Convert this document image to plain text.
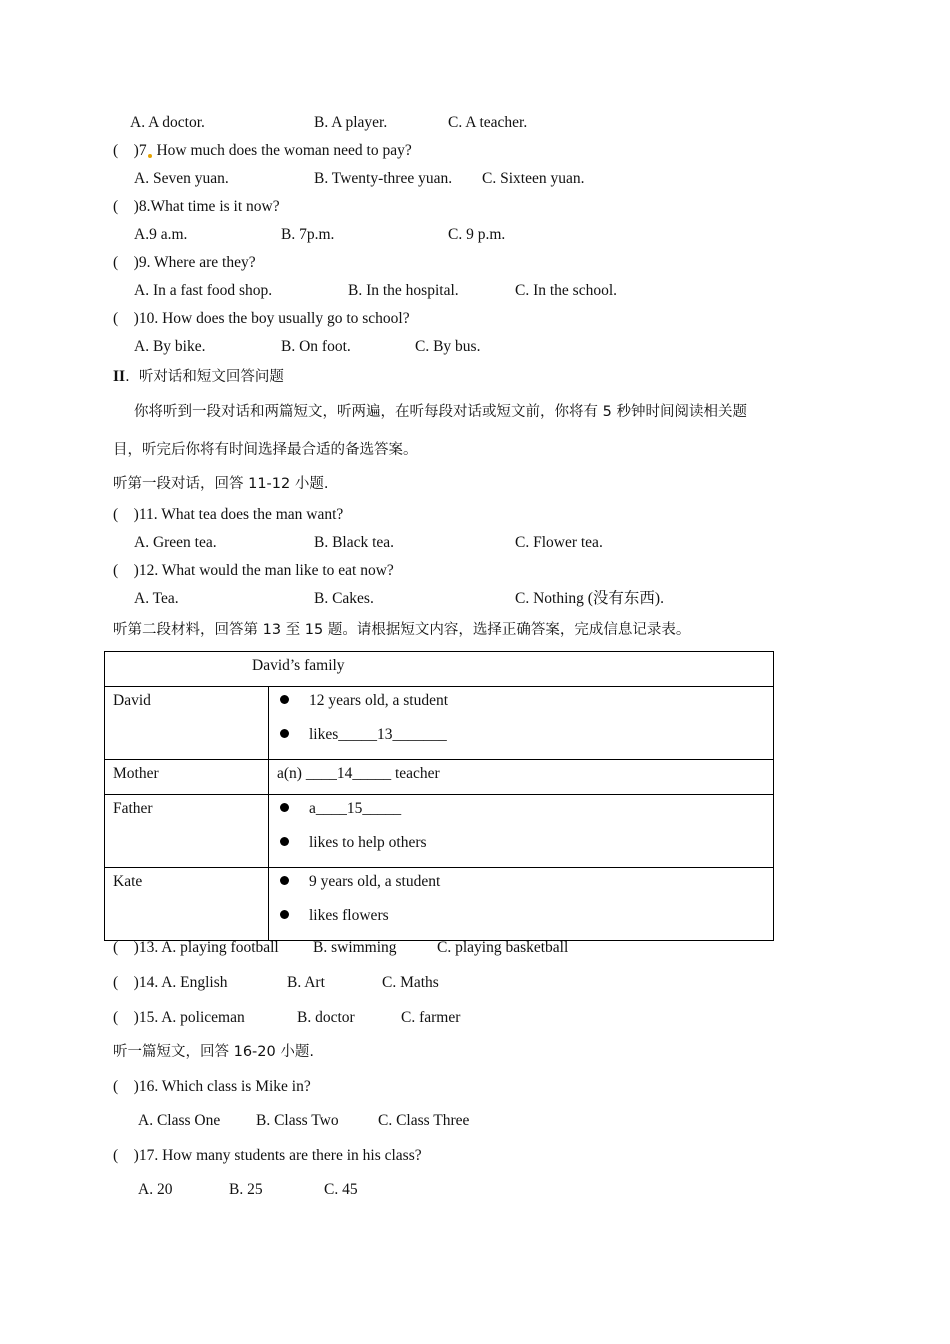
A. A doctor.	B. A player.	C. A teacher.
(    )7 How much does the woman need to pay?
A. Seven yuan.	B. Twenty-three yuan. C. Sixteen yuan.
(    )8.What time is it now?
A.9 a.m.	B. 7p.m.	C. 9 p.m.
(    )9. Where are they?
A. In a fast food shop.	B. In the hospital.	C. In the school.
(    )10. How does the boy usually go to school?
A. By bike.	B. On foot.	C. By bus.
II.  听对话和短文回答问题
你将听到一段对话和两篇短文，听两遍，在听每段对话或短文前，你将有 5 秒钟时间阅读相关题
目，听完后你将有时间选择最合适的备选答案。
听第一段对话，回答 11-12 小题.
(    )11. What tea does the man want?
A. Green tea.	B. Black tea.	C. Flower tea.
(    )12. What would the man like to eat now?
A. Tea.	B. Cakes.	C. Nothing (没有东西).
听第二段材料，回答第 13 至 15 题。请根据短文内容，选择正确答案，完成信息记录表。
David’s family	
David	12 years old, a student
likes_____13_______

Mother	a(n) ____14_____ teacher
Father	a____15_____
likes to help others

Kate	9 years old, a student
likes flowers
(    )13. A. playing football B. swimming	C. playing basketball
(    )14. A. English	B. Art	C. Maths
(    )15. A. policeman	B. doctor	C. farmer
听一篇短文，回答 16-20 小题.
(    )16. Which class is Mike in?
A. Class One B. Class Two	C. Class Three
(    )17. How many students are there in his class?
A. 20	B. 25	C. 45
